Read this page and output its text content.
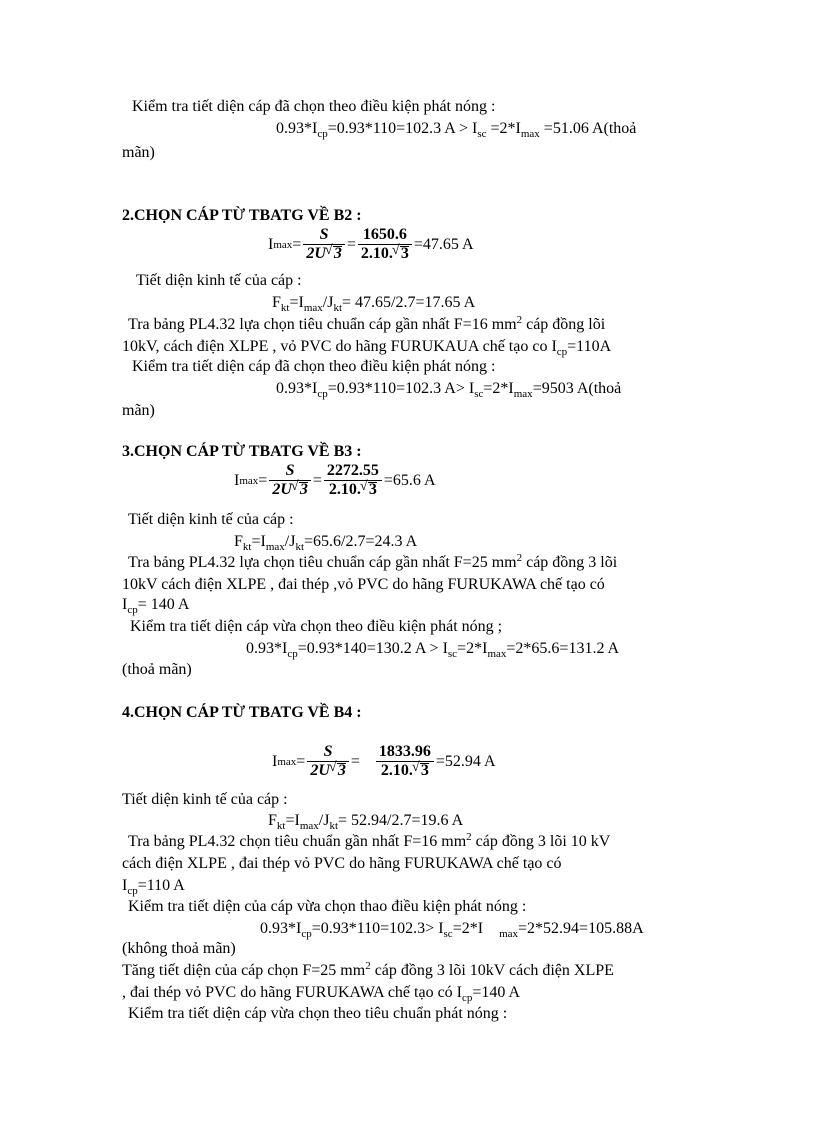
Kiểm tra tiết diện cáp đã chọn theo điều kiện phát nóng :
$0.93*I_{cp}=0.93*110=102.3$ $A > I_{sc} =2*I_{max} =51.06$ A(thoả
mãn)
2.CHỌN CÁP TỪ TBATG VỀ B2 :
I $\max = \frac{S}{2U √ 3} = \frac{1650.6}{2.10. √ 3} =47.65$ A
Tiết diện kinh tế của cáp :
$F_{kt}=I_{max}/J_{kt}= 47.65/2.7=17.65$ A
Tra bảng PL4.32 lựa chọn tiêu chuẩn cáp gần nhất F=16 $mm^2$ cáp đồng lõi
10kV, cách điện XLPE , vỏ PVC do hãng FURUKAUA chế tạo co $I_{cp}=110A$
Kiểm tra tiết diện cáp đã chọn theo điều kiện phát nóng :
$0.93*I_{cp}=0.93*110=102.3$ $A> I_{sc}=2*I_{max}=9503$ A(thoả
mãn)
3.CHỌN CÁP TỪ TBATG VỀ B3 :
I $\max = \frac{S}{2U √ 3} = \frac{2272.55}{2.10. √ 3} =65.6$ A
Tiết diện kinh tế của cáp :
$F_{kt}=I_{max}/J_{kt}=65.6/2.7=24.3$ A
Tra bảng PL4.32 lựa chọn tiêu chuẩn cáp gần nhất F=25 $mm^2$ cáp đồng 3 lõi
10kV cách điện XLPE , đai thép ,vỏ PVC do hãng FURUKAWA chế tạo có
$I_{cp}= 140$ A
Kiểm tra tiết diện cáp vừa chọn theo điều kiện phát nóng ;
$0.93*I_{cp}=0.93*140=130.2$ $A > I_{sc}=2*I_{max}=2*65.6=131.2$ A
(thoả mãn)
4.CHỌN CÁP TỪ TBATG VỀ B4 :
I $\max = \frac{S}{2U √ 3} = \frac{1833.96}{2.10. √ 3} =52.94$ A
Tiết diện kinh tế của cáp :
$F_{kt}=I_{max}/J_{kt}= 52.94/2.7=19.6$ A
Tra bảng PL4.32 chọn tiêu chuẩn gần nhất F=16 $mm^2$ cáp đồng 3 lõi 10 kV
cách điện XLPE , đai thép vỏ PVC do hãng FURUKAWA chế tạo có
$I_{cp}=110$ A
Kiểm tra tiết diện của cáp vừa chọn thao điều kiện phát nóng :
$0.93*I_{cp}=0.93*110=102.3> I_{sc}=2*I$    $_{max}$=2*52.94=105.88A
(không thoả mãn)
Tăng tiết diện của cáp chọn F=25 $mm^2$ cáp đồng 3 lõi 10kV cách điện XLPE
, đai thép vỏ PVC do hãng FURUKAWA chế tạo có $I_{cp}=140$ A
Kiểm tra tiết diện cáp vừa chọn theo tiêu chuẩn phát nóng :
